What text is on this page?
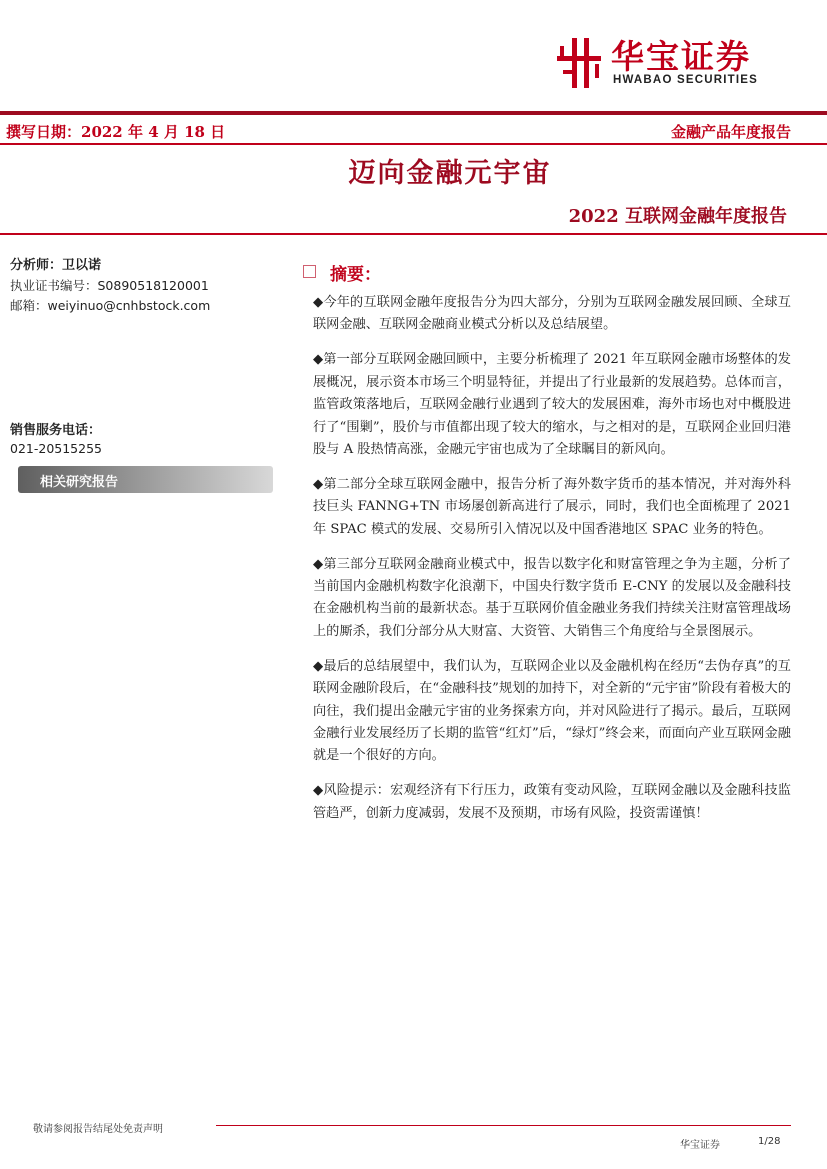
华宝证券
HWABAO SECURITIES
撰写日期：2022 年 4 月 18 日	金融产品年度报告
迈向金融元宇宙
2022 互联网金融年度报告
分析师：卫以诺
执业证书编号：S0890518120001
邮箱：weiyinuo@cnhbstock.com
销售服务电话：
021-20515255
相关研究报告
摘要：

◆今年的互联网金融年度报告分为四大部分，分别为互联网金融发展回顾、全球互联网金融、互联网金融商业模式分析以及总结展望。

◆第一部分互联网金融回顾中，主要分析梳理了 2021 年互联网金融市场整体的发展概况，展示资本市场三个明显特征，并提出了行业最新的发展趋势。总体而言，监管政策落地后，互联网金融行业遇到了较大的发展困难，海外市场也对中概股进行了“围剿”，股价与市值都出现了较大的缩水，与之相对的是，互联网企业回归港股与 A 股热情高涨，金融元宇宙也成为了全球瞩目的新风向。

◆第二部分全球互联网金融中，报告分析了海外数字货币的基本情况，并对海外科技巨头 FANNG+TN 市场屡创新高进行了展示，同时，我们也全面梳理了 2021 年 SPAC 模式的发展、交易所引入情况以及中国香港地区 SPAC 业务的特色。

◆第三部分互联网金融商业模式中，报告以数字化和财富管理之争为主题，分析了当前国内金融机构数字化浪潮下，中国央行数字货币 E-CNY 的发展以及金融科技在金融机构当前的最新状态。基于互联网价值金融业务我们持续关注财富管理战场上的厮杀，我们分部分从大财富、大资管、大销售三个角度给与全景图展示。

◆最后的总结展望中，我们认为，互联网企业以及金融机构在经历“去伪存真”的互联网金融阶段后，在“金融科技”规划的加持下，对全新的“元宇宙”阶段有着极大的向往，我们提出金融元宇宙的业务探索方向，并对风险进行了揭示。最后，互联网金融行业发展经历了长期的监管“红灯”后，“绿灯”终会来，而面向产业互联网金融就是一个很好的方向。

◆风险提示：宏观经济有下行压力，政策有变动风险，互联网金融以及金融科技监管趋严，创新力度减弱，发展不及预期，市场有风险，投资需谨慎！

敬请参阅报告结尾处免责声明
华宝证券	1/28
